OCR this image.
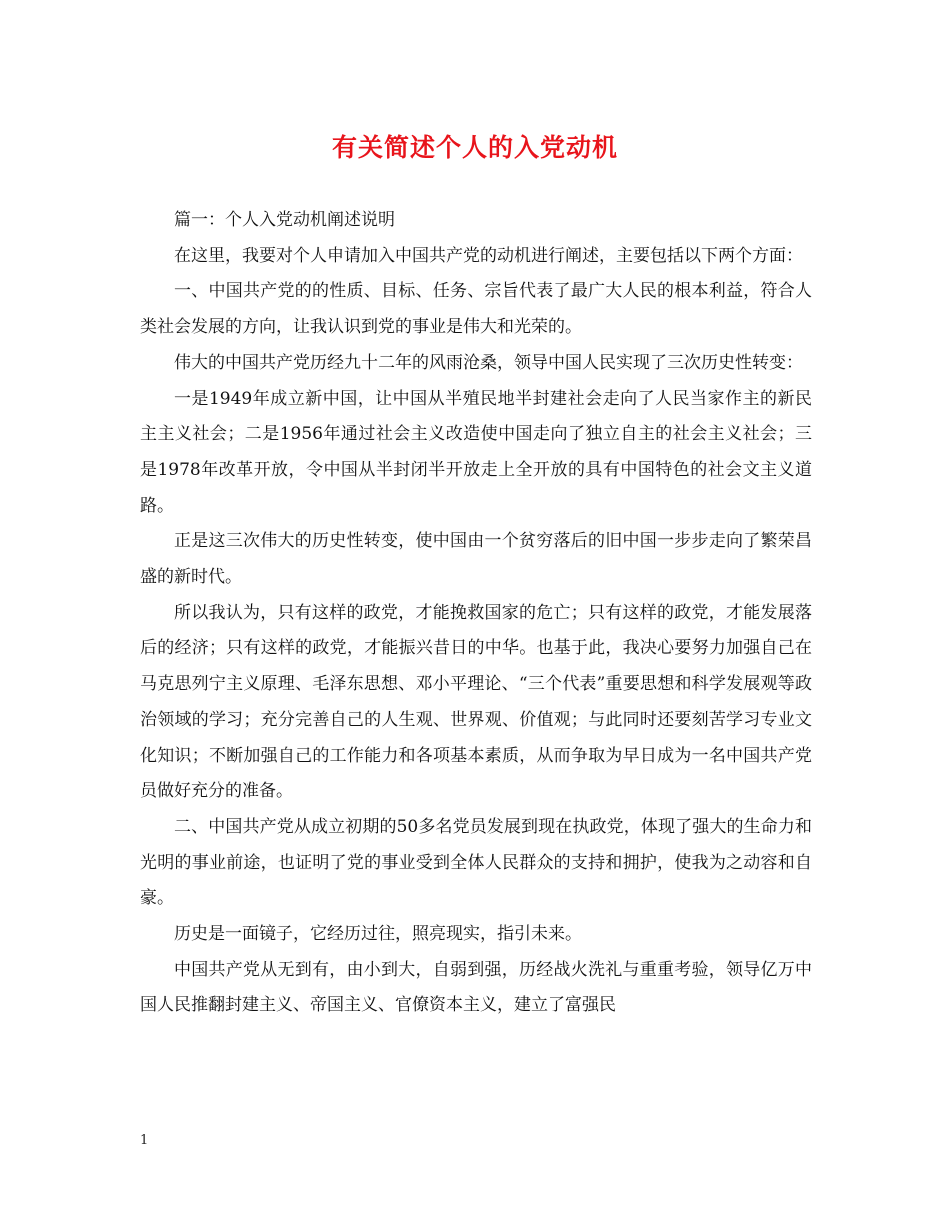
有关简述个人的入党动机

篇一：个人入党动机阐述说明

在这里，我要对个人申请加入中国共产党的动机进行阐述，主要包括以下两个方面：

一、中国共产党的的性质、目标、任务、宗旨代表了最广大人民的根本利益，符合人类社会发展的方向，让我认识到党的事业是伟大和光荣的。

伟大的中国共产党历经九十二年的风雨沧桑，领导中国人民实现了三次历史性转变：

一是1949年成立新中国，让中国从半殖民地半封建社会走向了人民当家作主的新民主主义社会；二是1956年通过社会主义改造使中国走向了独立自主的社会主义社会；三是1978年改革开放，令中国从半封闭半开放走上全开放的具有中国特色的社会文主义道路。

正是这三次伟大的历史性转变，使中国由一个贫穷落后的旧中国一步步走向了繁荣昌盛的新时代。

所以我认为，只有这样的政党，才能挽救国家的危亡；只有这样的政党，才能发展落后的经济；只有这样的政党，才能振兴昔日的中华。也基于此，我决心要努力加强自己在马克思列宁主义原理、毛泽东思想、邓小平理论、“三个代表”重要思想和科学发展观等政治领域的学习；充分完善自己的人生观、世界观、价值观；与此同时还要刻苦学习专业文化知识；不断加强自己的工作能力和各项基本素质，从而争取为早日成为一名中国共产党员做好充分的准备。

二、中国共产党从成立初期的50多名党员发展到现在执政党，体现了强大的生命力和光明的事业前途，也证明了党的事业受到全体人民群众的支持和拥护，使我为之动容和自豪。

历史是一面镜子，它经历过往，照亮现实，指引未来。

中国共产党从无到有，由小到大，自弱到强，历经战火洗礼与重重考验，领导亿万中国人民推翻封建主义、帝国主义、官僚资本主义，建立了富强民

1
